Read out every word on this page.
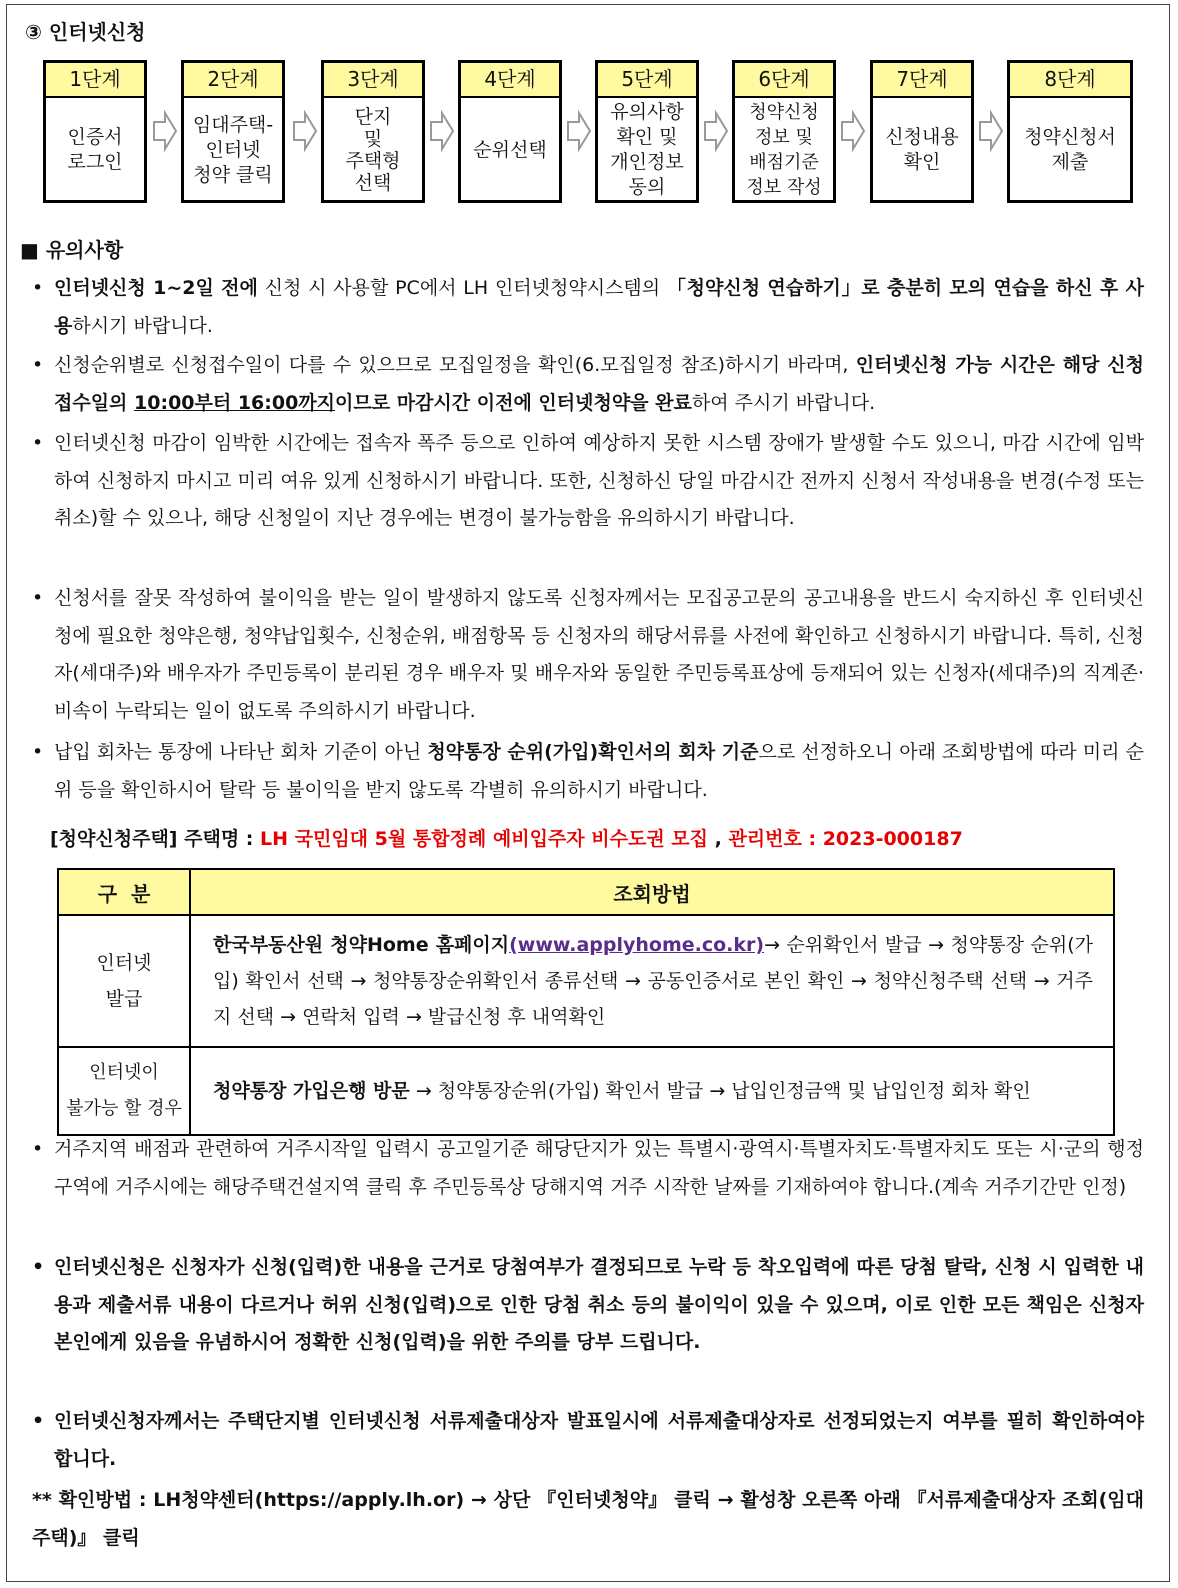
③ 인터넷신청
1단계
인증서
로그인
2단계
임대주택-
인터넷
청약 클릭
3단계
단지
및
주택형
선택
4단계
순위선택
5단계
유의사항
확인 및
개인정보
동의
6단계
청약신청
정보 및
배점기준
정보 작성
7단계
신청내용
확인
8단계
청약신청서
제출
■ 유의사항
• 인터넷신청 1~2일 전에 신청 시 사용할 PC에서 LH 인터넷청약시스템의 「청약신청 연습하기」로 충분히 모의 연습을 하신 후 사용하시기 바랍니다.
• 신청순위별로 신청접수일이 다를 수 있으므로 모집일정을 확인(6.모집일정 참조)하시기 바라며, 인터넷신청 가능 시간은 해당 신청접수일의 10:00부터 16:00까지이므로 마감시간 이전에 인터넷청약을 완료하여 주시기 바랍니다.
• 인터넷신청 마감이 임박한 시간에는 접속자 폭주 등으로 인하여 예상하지 못한 시스템 장애가 발생할 수도 있으니, 마감 시간에 임박하여 신청하지 마시고 미리 여유 있게 신청하시기 바랍니다. 또한, 신청하신 당일 마감시간 전까지 신청서 작성내용을 변경(수정 또는 취소)할 수 있으나, 해당 신청일이 지난 경우에는 변경이 불가능함을 유의하시기 바랍니다.
• 신청서를 잘못 작성하여 불이익을 받는 일이 발생하지 않도록 신청자께서는 모집공고문의 공고내용을 반드시 숙지하신 후 인터넷신청에 필요한 청약은행, 청약납입횟수, 신청순위, 배점항목 등 신청자의 해당서류를 사전에 확인하고 신청하시기 바랍니다. 특히, 신청자(세대주)와 배우자가 주민등록이 분리된 경우 배우자 및 배우자와 동일한 주민등록표상에 등재되어 있는 신청자(세대주)의 직계존·비속이 누락되는 일이 없도록 주의하시기 바랍니다.
• 납입 회차는 통장에 나타난 회차 기준이 아닌 청약통장 순위(가입)확인서의 회차 기준으로 선정하오니 아래 조회방법에 따라 미리 순위 등을 확인하시어 탈락 등 불이익을 받지 않도록 각별히 유의하시기 바랍니다.
[청약신청주택] 주택명 : LH 국민임대 5월 통합정례 예비입주자 비수도권 모집 , 관리번호 : 2023-000187
구  분	조회방법
인터넷
발급	한국부동산원 청약Home 홈페이지(www.applyhome.co.kr)→ 순위확인서 발급 → 청약통장 순위(가입) 확인서 선택 → 청약통장순위확인서 종류선택 → 공동인증서로 본인 확인 → 청약신청주택 선택 → 거주지 선택 → 연락처 입력 → 발급신청 후 내역확인
인터넷이
불가능 할 경우	청약통장 가입은행 방문 → 청약통장순위(가입) 확인서 발급 → 납입인정금액 및 납입인정 회차 확인
• 거주지역 배점과 관련하여 거주시작일 입력시 공고일기준 해당단지가 있는 특별시·광역시·특별자치도·특별자치도 또는 시·군의 행정구역에 거주시에는 해당주택건설지역 클릭 후 주민등록상 당해지역 거주 시작한 날짜를 기재하여야 합니다.(계속 거주기간만 인정)
• 인터넷신청은 신청자가 신청(입력)한 내용을 근거로 당첨여부가 결정되므로 누락 등 착오입력에 따른 당첨 탈락, 신청 시 입력한 내용과 제출서류 내용이 다르거나 허위 신청(입력)으로 인한 당첨 취소 등의 불이익이 있을 수 있으며, 이로 인한 모든 책임은 신청자 본인에게 있음을 유념하시어 정확한 신청(입력)을 위한 주의를 당부 드립니다.
• 인터넷신청자께서는 주택단지별 인터넷신청 서류제출대상자 발표일시에 서류제출대상자로 선정되었는지 여부를 필히 확인하여야 합니다.
** 확인방법 : LH청약센터(https://apply.lh.or) → 상단 『인터넷청약』 클릭 → 활성창 오른쪽 아래 『서류제출대상자 조회(임대주택)』 클릭
